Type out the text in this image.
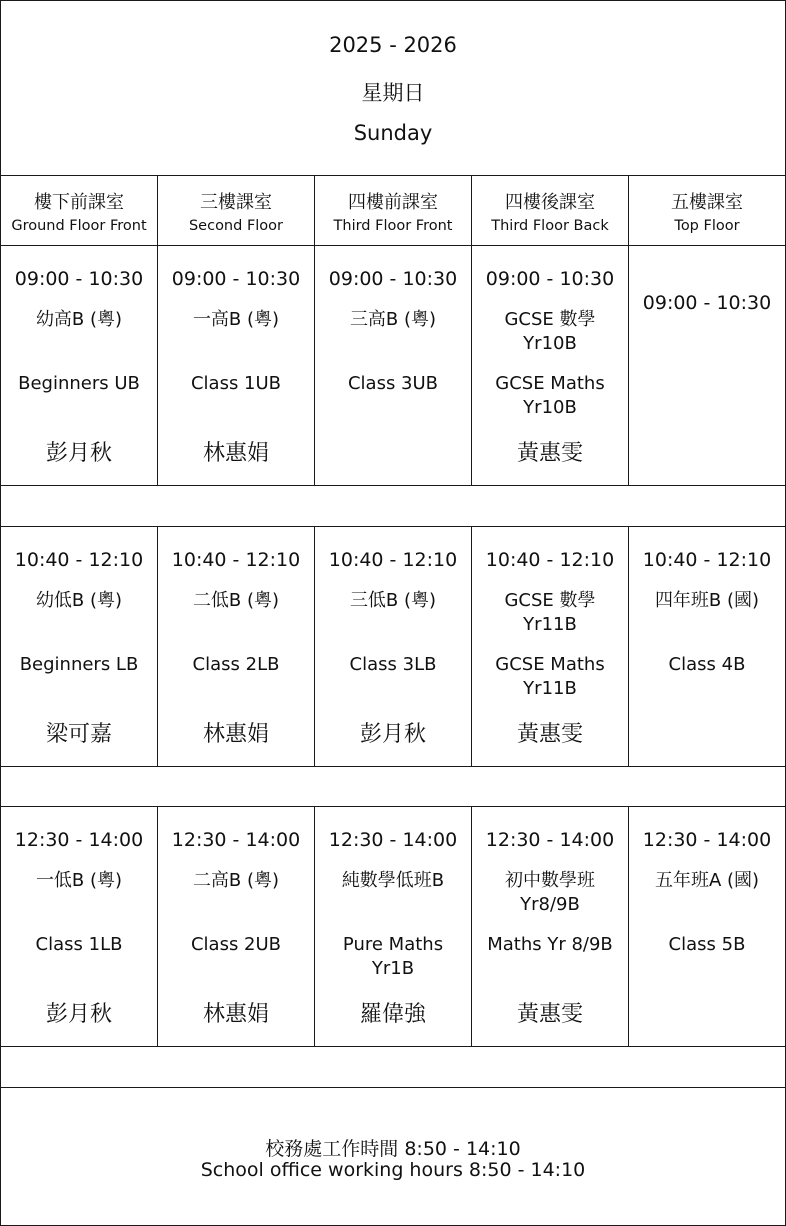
2025 - 2026
星期日
Sunday
樓下前課室
Ground Floor Front
三樓課室
Second Floor
四樓前課室
Third Floor Front
四樓後課室
Third Floor Back
五樓課室
Top Floor
09:00 - 10:30
幼高B (粵)
Beginners UB
彭月秋
09:00 - 10:30
一高B (粵)
Class 1UB
林惠娟
09:00 - 10:30
三高B (粵)
Class 3UB
09:00 - 10:30
GCSE 數學 Yr10B
GCSE Maths Yr10B
黃惠雯
09:00 - 10:30
10:40 - 12:10
幼低B (粵)
Beginners LB
梁可嘉
10:40 - 12:10
二低B (粵)
Class 2LB
林惠娟
10:40 - 12:10
三低B (粵)
Class 3LB
彭月秋
10:40 - 12:10
GCSE 數學 Yr11B
GCSE Maths Yr11B
黃惠雯
10:40 - 12:10
四年班B (國)
Class 4B
12:30 - 14:00
一低B (粵)
Class 1LB
彭月秋
12:30 - 14:00
二高B (粵)
Class 2UB
林惠娟
12:30 - 14:00
純數學低班B
Pure Maths Yr1B
羅偉強
12:30 - 14:00
初中數學班 Yr8/9B
Maths Yr 8/9B
黃惠雯
12:30 - 14:00
五年班A (國)
Class 5B
校務處工作時間 8:50 - 14:10
School office working hours 8:50 - 14:10
